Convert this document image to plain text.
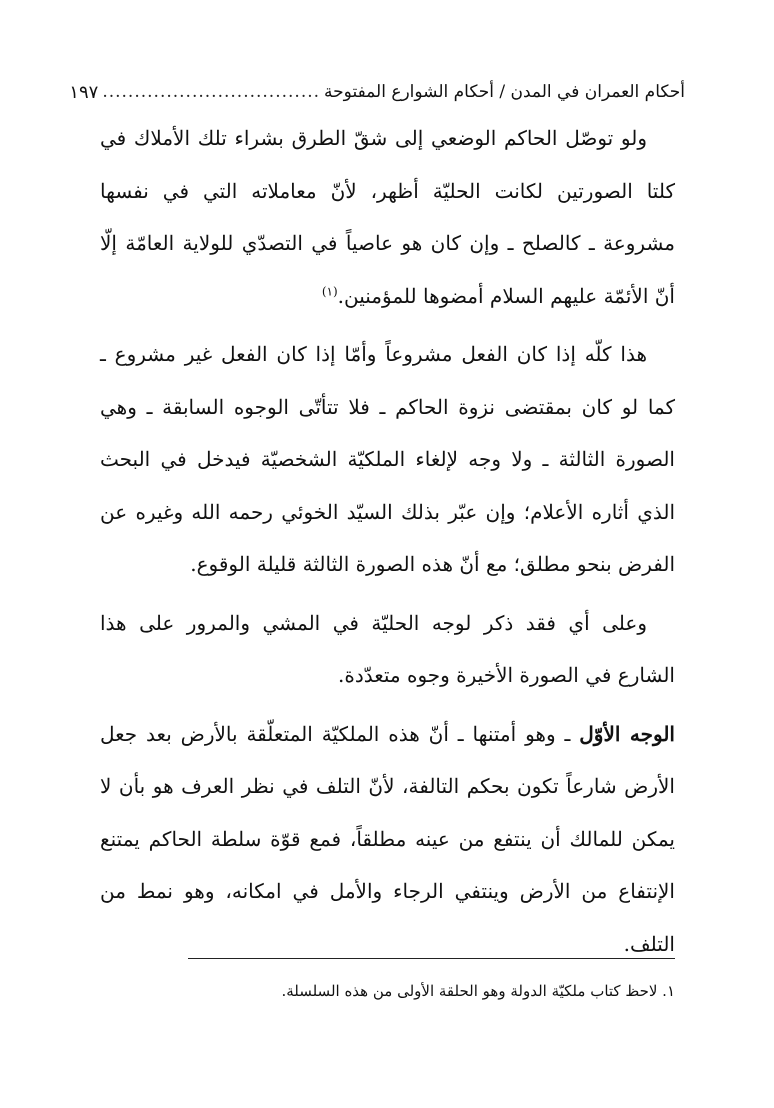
أحكام العمران في المدن / أحكام الشوارع المفتوحة
..................................
١٩٧

ولو توصّل الحاكم الوضعي إلى شقّ الطرق بشراء تلك الأملاك في كلتا الصورتين لكانت الحليّة أظهر، لأنّ معاملاته التي في نفسها مشروعة ـ كالصلح ـ وإن كان هو عاصياً في التصدّي للولاية العامّة إلّا أنّ الأئمّة عليهم السلام أمضوها للمؤمنين.$^{(١)}$

هذا كلّه إذا كان الفعل مشروعاً وأمّا إذا كان الفعل غير مشروع ـ كما لو كان بمقتضى نزوة الحاكم ـ فلا تتأتّى الوجوه السابقة ـ وهي الصورة الثالثة ـ ولا وجه لإلغاء الملكيّة الشخصيّة فيدخل في البحث الذي أثاره الأعلام؛ وإن عبّر بذلك السيّد الخوئي رحمه الله وغيره عن الفرض بنحو مطلق؛ مع أنّ هذه الصورة الثالثة قليلة الوقوع.

وعلى أي فقد ذكر لوجه الحليّة في المشي والمرور على هذا الشارع في الصورة الأخيرة وجوه متعدّدة.

الوجه الأوّل ـ وهو أمتنها ـ أنّ هذه الملكيّة المتعلّقة بالأرض بعد جعل الأرض شارعاً تكون بحكم التالفة، لأنّ التلف في نظر العرف هو بأن لا يمكن للمالك أن ينتفع من عينه مطلقاً، فمع قوّة سلطة الحاكم يمتنع الإنتفاع من الأرض وينتفي الرجاء والأمل في امكانه، وهو نمط من التلف.

١. لاحظ كتاب ملكيّة الدولة وهو الحلقة الأولى من هذه السلسلة.
